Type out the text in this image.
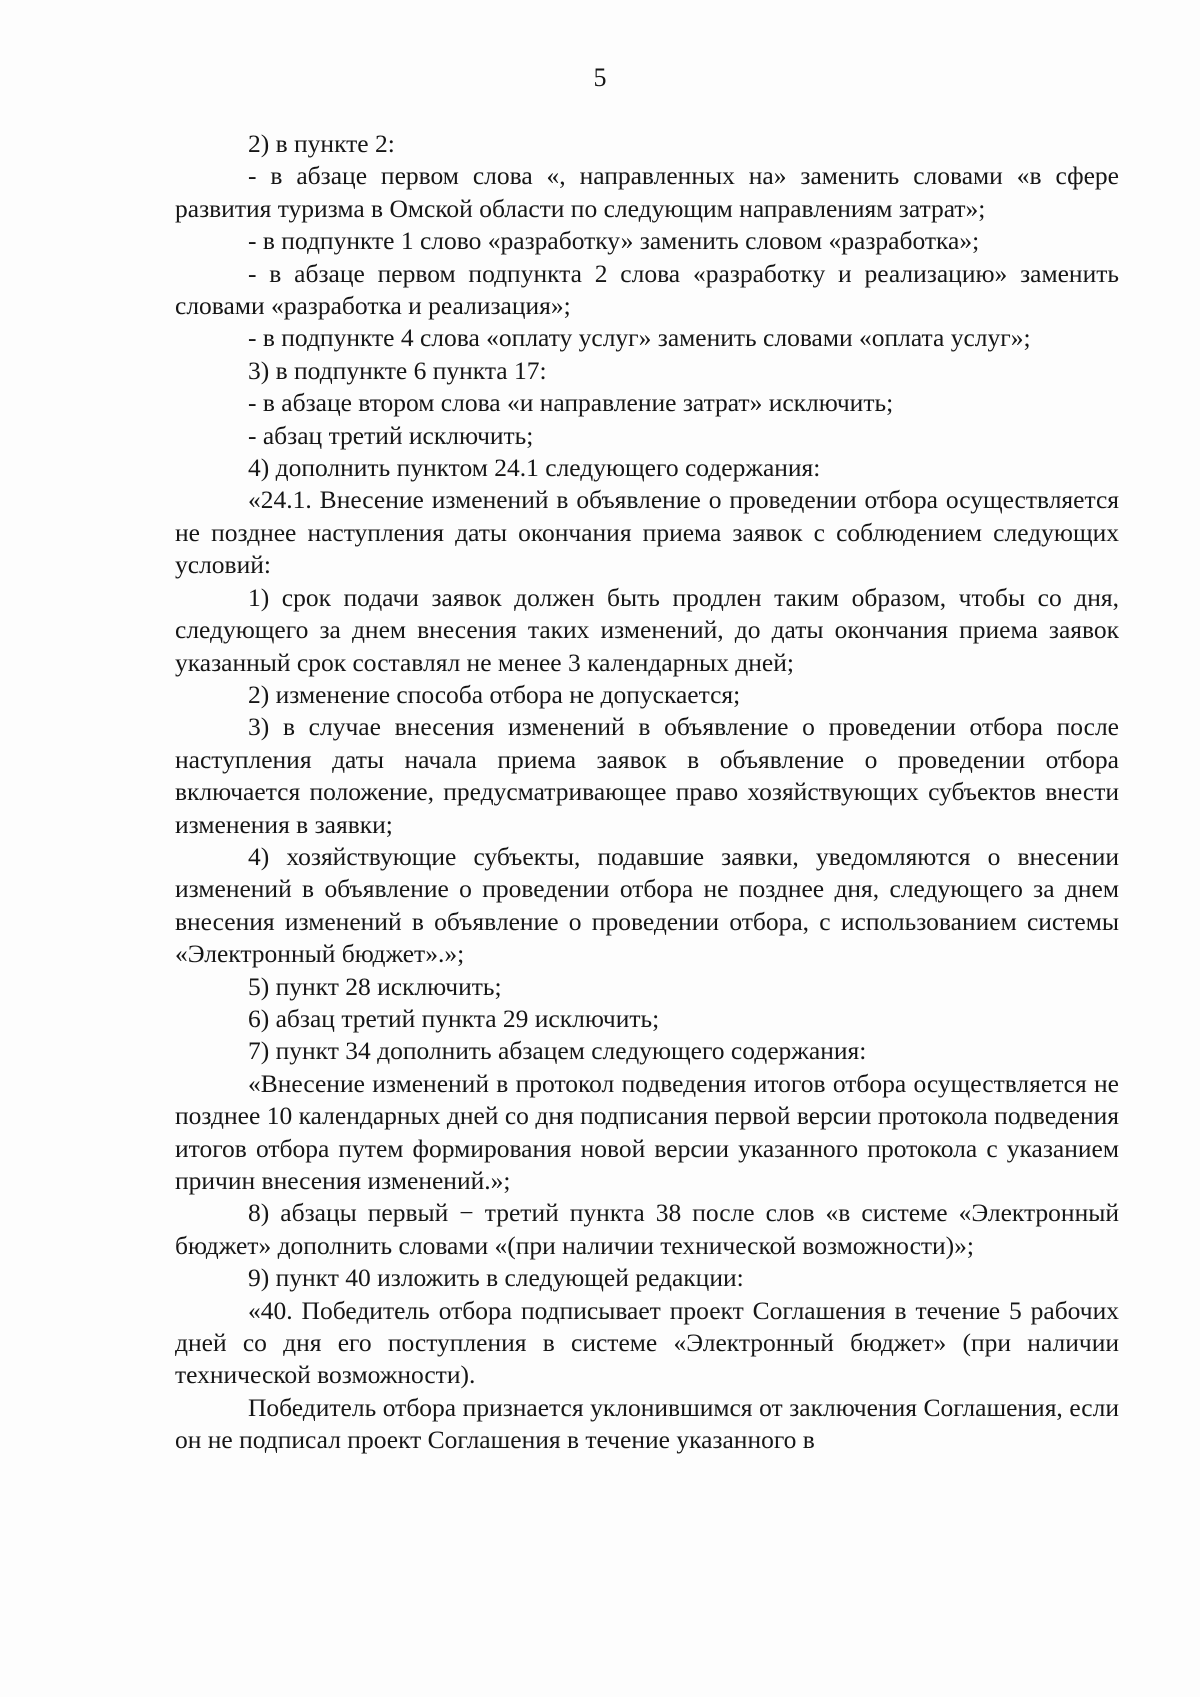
5

2) в пункте 2:

- в абзаце первом слова «, направленных на» заменить словами «в сфере развития туризма в Омской области по следующим направлениям затрат»;

- в подпункте 1 слово «разработку» заменить словом «разработка»;

- в абзаце первом подпункта 2 слова «разработку и реализацию» заменить словами «разработка и реализация»;

- в подпункте 4 слова «оплату услуг» заменить словами «оплата услуг»;

3) в подпункте 6 пункта 17:

- в абзаце втором слова «и направление затрат» исключить;

- абзац третий исключить;

4) дополнить пунктом 24.1 следующего содержания:

«24.1. Внесение изменений в объявление о проведении отбора осуществляется не позднее наступления даты окончания приема заявок с соблюдением следующих условий:

1) срок подачи заявок должен быть продлен таким образом, чтобы со дня, следующего за днем внесения таких изменений, до даты окончания приема заявок указанный срок составлял не менее 3 календарных дней;

2) изменение способа отбора не допускается;

3) в случае внесения изменений в объявление о проведении отбора после наступления даты начала приема заявок в объявление о проведении отбора включается положение, предусматривающее право хозяйствующих субъектов внести изменения в заявки;

4) хозяйствующие субъекты, подавшие заявки, уведомляются о внесении изменений в объявление о проведении отбора не позднее дня, следующего за днем внесения изменений в объявление о проведении отбора, с использованием системы «Электронный бюджет».»;

5) пункт 28 исключить;

6) абзац третий пункта 29 исключить;

7) пункт 34 дополнить абзацем следующего содержания:

«Внесение изменений в протокол подведения итогов отбора осуществляется не позднее 10 календарных дней со дня подписания первой версии протокола подведения итогов отбора путем формирования новой версии указанного протокола с указанием причин внесения изменений.»;

8) абзацы первый − третий пункта 38 после слов «в системе «Электронный бюджет» дополнить словами «(при наличии технической возможности)»;

9) пункт 40 изложить в следующей редакции:

«40. Победитель отбора подписывает проект Соглашения в течение 5 рабочих дней со дня его поступления в системе «Электронный бюджет» (при наличии технической возможности).

Победитель отбора признается уклонившимся от заключения Соглашения, если он не подписал проект Соглашения в течение указанного в
